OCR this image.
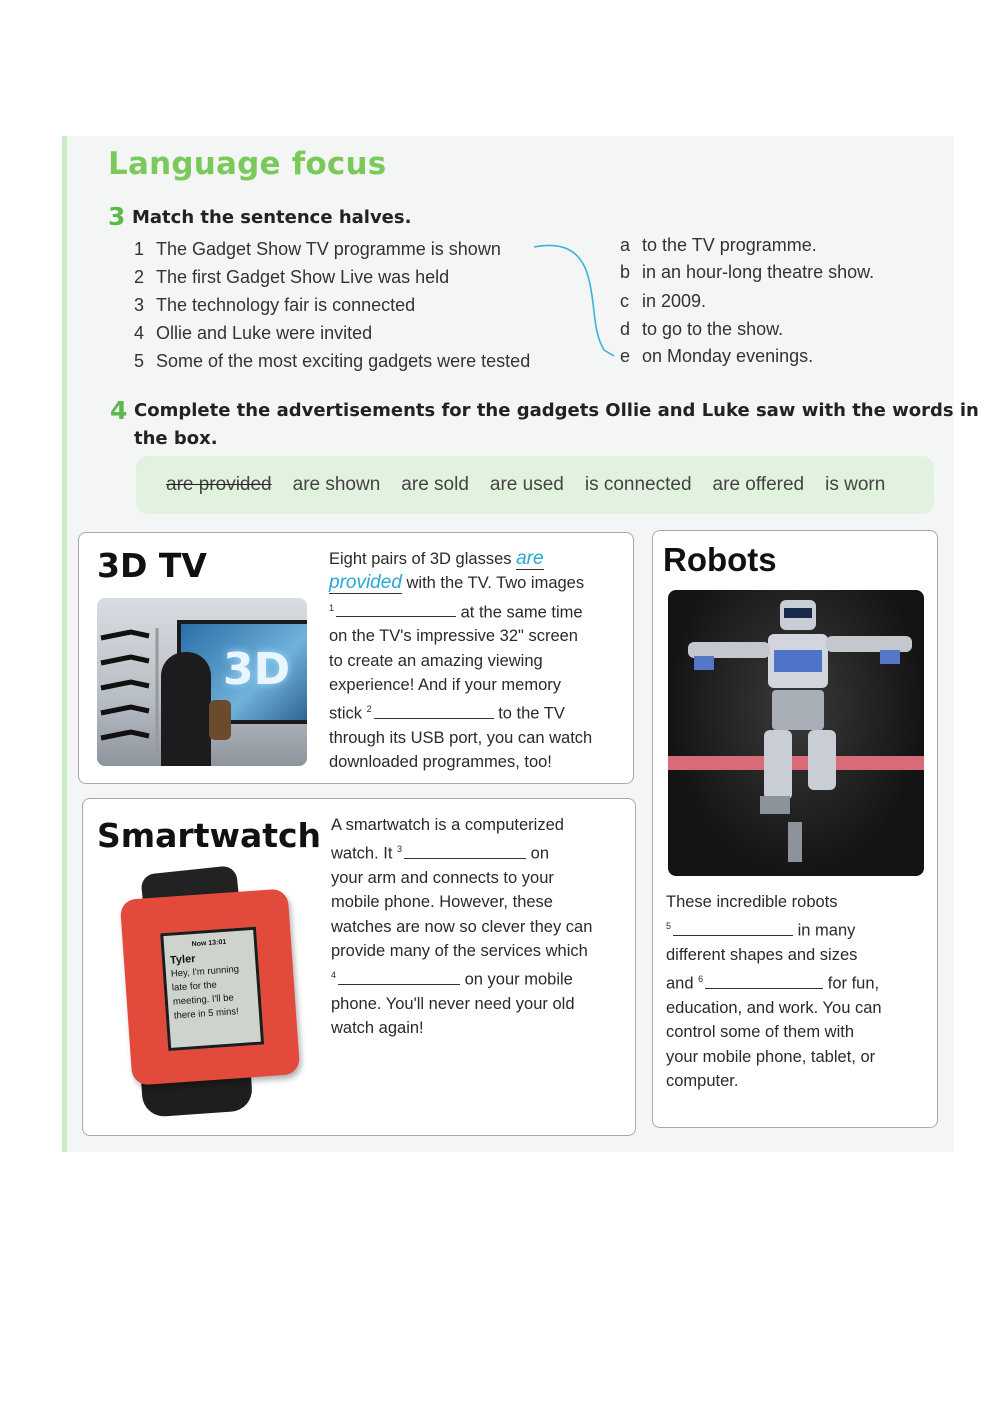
Language focus
3 Match the sentence halves.
1 The Gadget Show TV programme is shown
2 The first Gadget Show Live was held
3 The technology fair is connected
4 Ollie and Luke were invited
5 Some of the most exciting gadgets were tested
a to the TV programme.
b in an hour-long theatre show.
c in 2009.
d to go to the show.
e on Monday evenings.
4 Complete the advertisements for the gadgets Ollie and Luke saw with the words in
the box.
are provided are shown are sold are used is connected are offered is worn
3D TV
3D
Eight pairs of 3D glasses are
provided with the TV. Two images
$^1$	at the same time
on the TV's impressive 32" screen
to create an amazing viewing
experience! And if your memory
stick $^2$	to the TV
through its USB port, you can watch
downloaded programmes, too!
Smartwatch
Now 13:01
Tyler
Hey, I'm running
late for the
meeting. I'll be
there in 5 mins!
A smartwatch is a computerized
watch. It $^3$	on
your arm and connects to your
mobile phone. However, these
watches are now so clever they can
provide many of the services which
$^4$	on your mobile
phone. You'll never need your old
watch again!
Robots
These incredible robots
$^5$	in many
different shapes and sizes
and $^6$	for fun,
education, and work. You can
control some of them with
your mobile phone, tablet, or
computer.
